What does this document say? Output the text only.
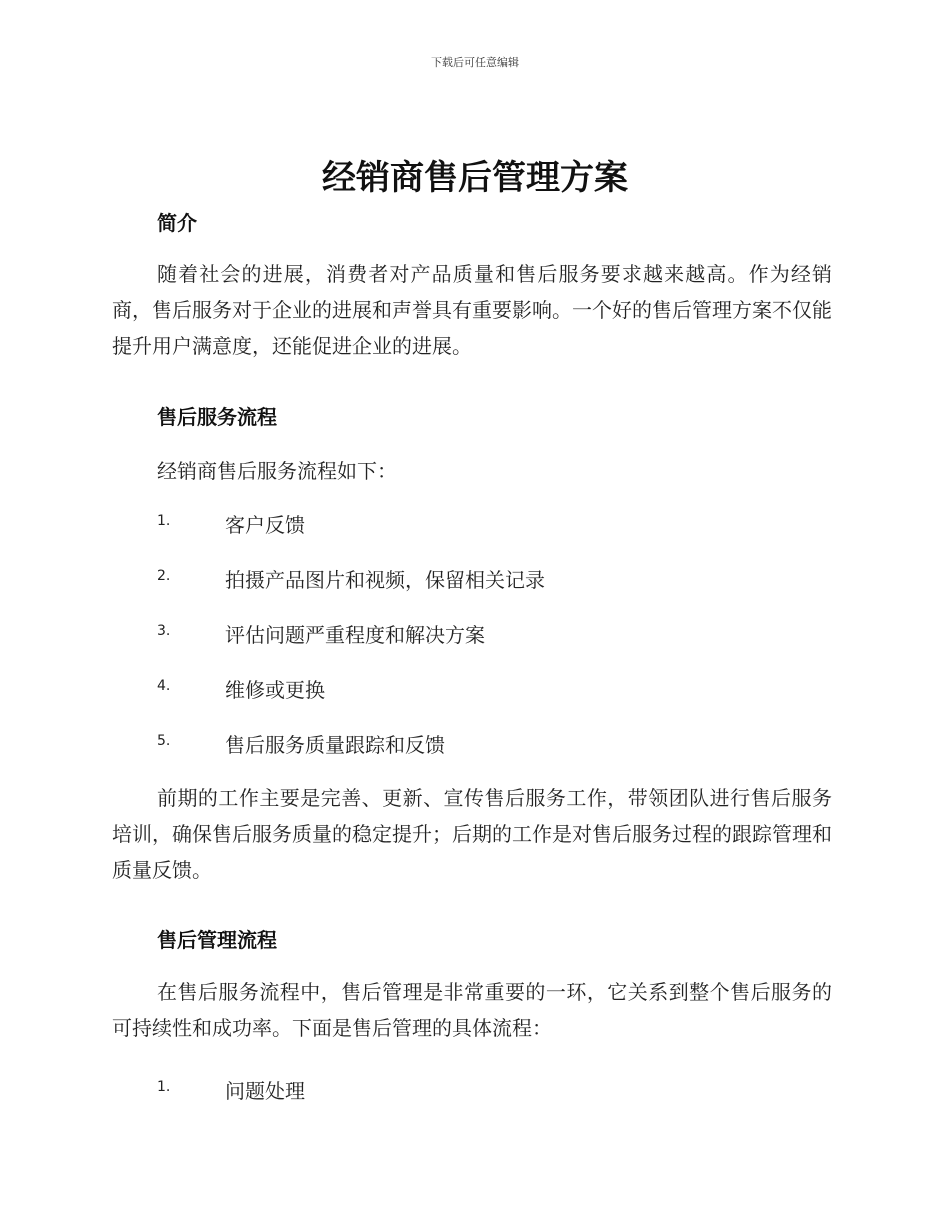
下载后可任意编辑
经销商售后管理方案
简介
随着社会的进展，消费者对产品质量和售后服务要求越来越高。作为经销商，售后服务对于企业的进展和声誉具有重要影响。一个好的售后管理方案不仅能提升用户满意度，还能促进企业的进展。
售后服务流程
经销商售后服务流程如下：
1.	客户反馈
2.	拍摄产品图片和视频，保留相关记录
3.	评估问题严重程度和解决方案
4.	维修或更换
5.	售后服务质量跟踪和反馈
前期的工作主要是完善、更新、宣传售后服务工作，带领团队进行售后服务培训，确保售后服务质量的稳定提升；后期的工作是对售后服务过程的跟踪管理和质量反馈。
售后管理流程
在售后服务流程中，售后管理是非常重要的一环，它关系到整个售后服务的可持续性和成功率。下面是售后管理的具体流程：
1.	问题处理
